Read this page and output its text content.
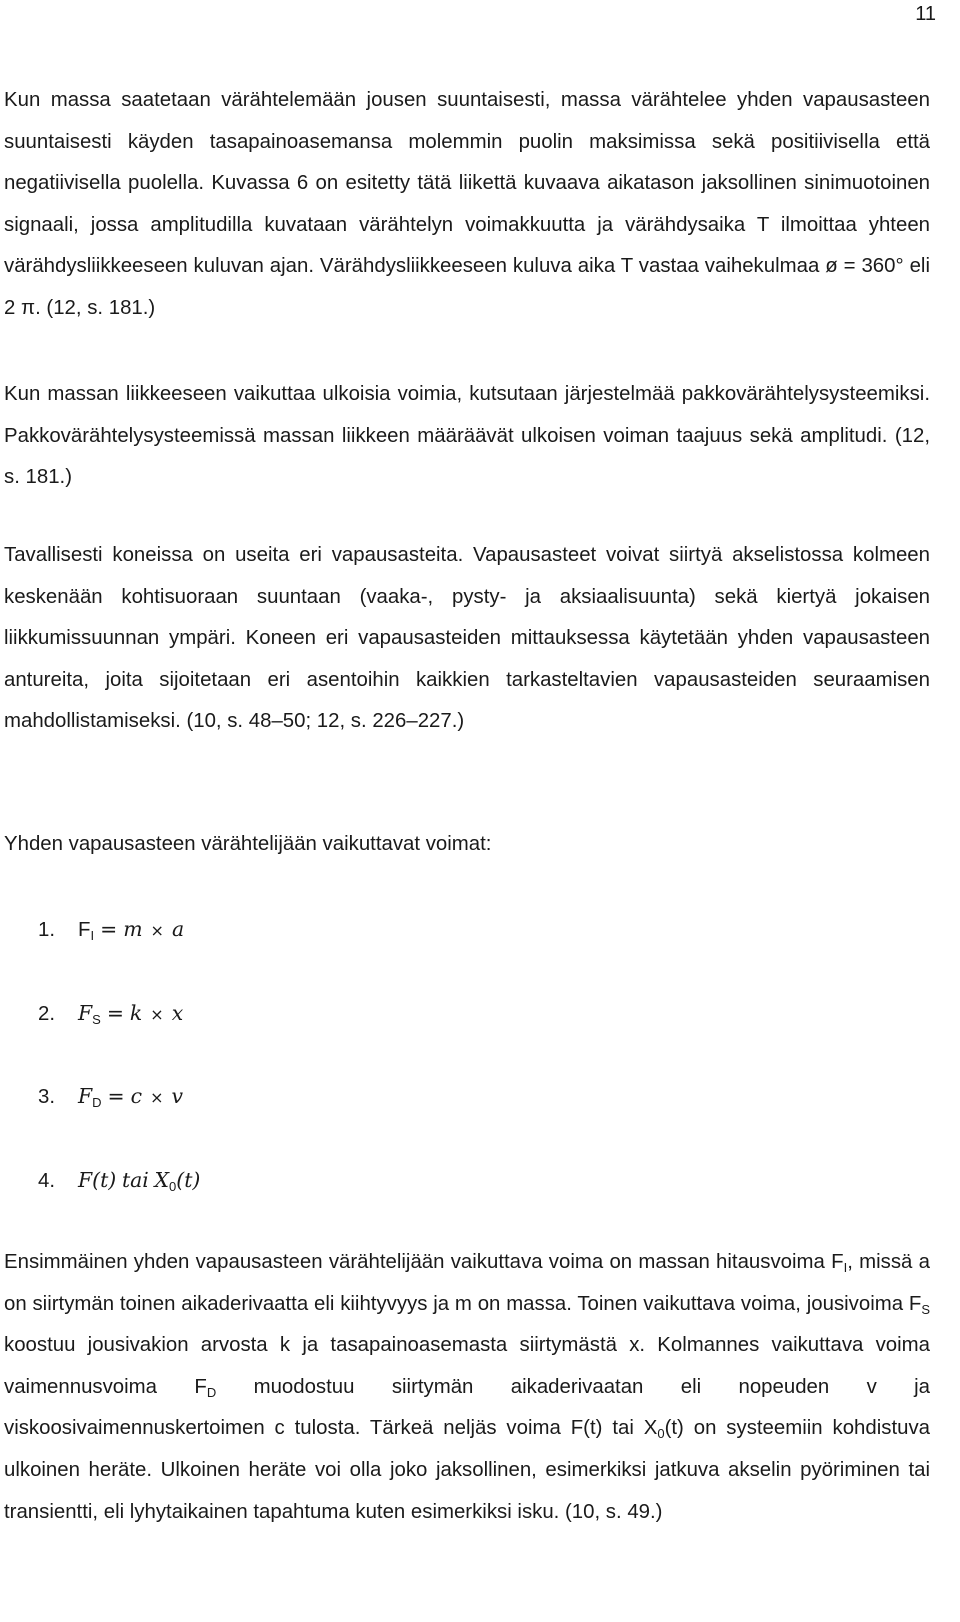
11

Kun massa saatetaan värähtelemään jousen suuntaisesti, massa värähtelee yhden vapausasteen suuntaisesti käyden tasapainoasemansa molemmin puolin maksimissa sekä positiivisella että negatiivisella puolella. Kuvassa 6 on esitetty tätä liikettä kuvaava aikatason jaksollinen sinimuotoinen signaali, jossa amplitudilla kuvataan värähtelyn voimakkuutta ja värähdysaika T ilmoittaa yhteen värähdysliikkeeseen kuluvan ajan. Värähdysliikkeeseen kuluva aika T vastaa vaihekulmaa ø = 360° eli 2 π. (12, s. 181.)

Kun massan liikkeeseen vaikuttaa ulkoisia voimia, kutsutaan järjestelmää pakkovärähtelysysteemiksi. Pakkovärähtelysysteemissä massan liikkeen määräävät ulkoisen voiman taajuus sekä amplitudi. (12, s. 181.)

Tavallisesti koneissa on useita eri vapausasteita. Vapausasteet voivat siirtyä akselistossa kolmeen keskenään kohtisuoraan suuntaan (vaaka-, pysty- ja aksiaalisuunta) sekä kiertyä jokaisen liikkumissuunnan ympäri. Koneen eri vapausasteiden mittauksessa käytetään yhden vapausasteen antureita, joita sijoitetaan eri asentoihin kaikkien tarkasteltavien vapausasteiden seuraamisen mahdollistamiseksi. (10, s. 48–50; 12, s. 226–227.)

Yhden vapausasteen värähtelijään vaikuttavat voimat:

1. $F_I = m \times a$
2. $F_S = k \times x$
3. $F_D = c \times v$
4. F(t) tai $X_0(t)$

Ensimmäinen yhden vapausasteen värähtelijään vaikuttava voima on massan hitausvoima $F_I$, missä a on siirtymän toinen aikaderivaatta eli kiihtyvyys ja m on massa. Toinen vaikuttava voima, jousivoima $F_S$ koostuu jousivakion arvosta k ja tasapainoasemasta siirtymästä x. Kolmannes vaikuttava voima vaimennusvoima $F_D$ muodostuu siirtymän aikaderivaatan eli nopeuden v ja viskoosivaimennuskertoimen c tulosta. Tärkeä neljäs voima F(t) tai $X_0(t)$ on systeemiin kohdistuva ulkoinen heräte. Ulkoinen heräte voi olla joko jaksollinen, esimerkiksi jatkuva akselin pyöriminen tai transientti, eli lyhytaikainen tapahtuma kuten esimerkiksi isku. (10, s. 49.)
